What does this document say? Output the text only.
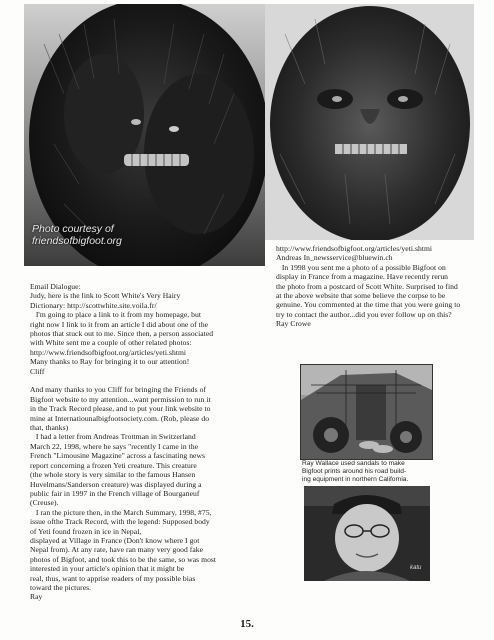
Photo courtesy of
friendsofbigfoot.org

http://www.friendsofbigfoot.org/articles/yeti.shtmi

Andreas In_newsservice@bluewin.ch

In 1998 you sent me a photo of a possible Bigfoot on

display in France from a magazine. Have recently rerun

the photo from a postcard of Scott White. Surprised to find

at the above website that some believe the corpse to be

genuine. You commented at the time that you were going to

try to contact the author...did you ever follow up on this?

Ray Crowe

Email Dialogue:

Judy, here is the link to Scott White's Very Hairy

Dictionary: http://scottwhite.site.voila.fr/

I'm going to place a link to it from my homepage, but

right now I link to it from an article I did about one of the

photos that stuck out to me. Since then, a person associated

with White sent me a couple of other related photos:

http://www.friendsofbigfoot.org/articles/yeti.shtmi

Many thanks to Ray for bringing it to our attention!

Cliff

And many thanks to you Cliff for bringing the Friends of

Bigfoot website to my attention...want permission to run it

in the Track Record please, and to put your link website to

mine at Internatiounalbigfootsociety.com. (Rob, please do

that, thanks)

I had a letter from Andreas Trottman in Switzerland

March 22, 1998, where he says "recently I came in the

French "Limousine Magazine" across a fascinating news

report concerning a frozen Yeti creature. This creature

(the whole story is very similar to the famous Hansen

Huvelmans/Sanderson creature) was displayed during a

public fair in 1997 in the French village of Bourganeuf

(Creuse).

I ran the picture then, in the March Summary, 1998, #75,

issue ofthe Track Record, with the legend: Supposed body

of Yeti found frozen in ice in Nepal,

displayed at Village in France (Don't know where I got

Nepal from). At any rate, have ran many very good fake

photos of Bigfoot, and took this to be the same, so was most

interested in your article's opinion that it might be

real, thus, want to apprise readers of my possible bias

toward the pictures.

Ray

Ray Wallace used sandals to make
Bigfoot prints around his road build-
ing equipment in northern California.
katu
15.
